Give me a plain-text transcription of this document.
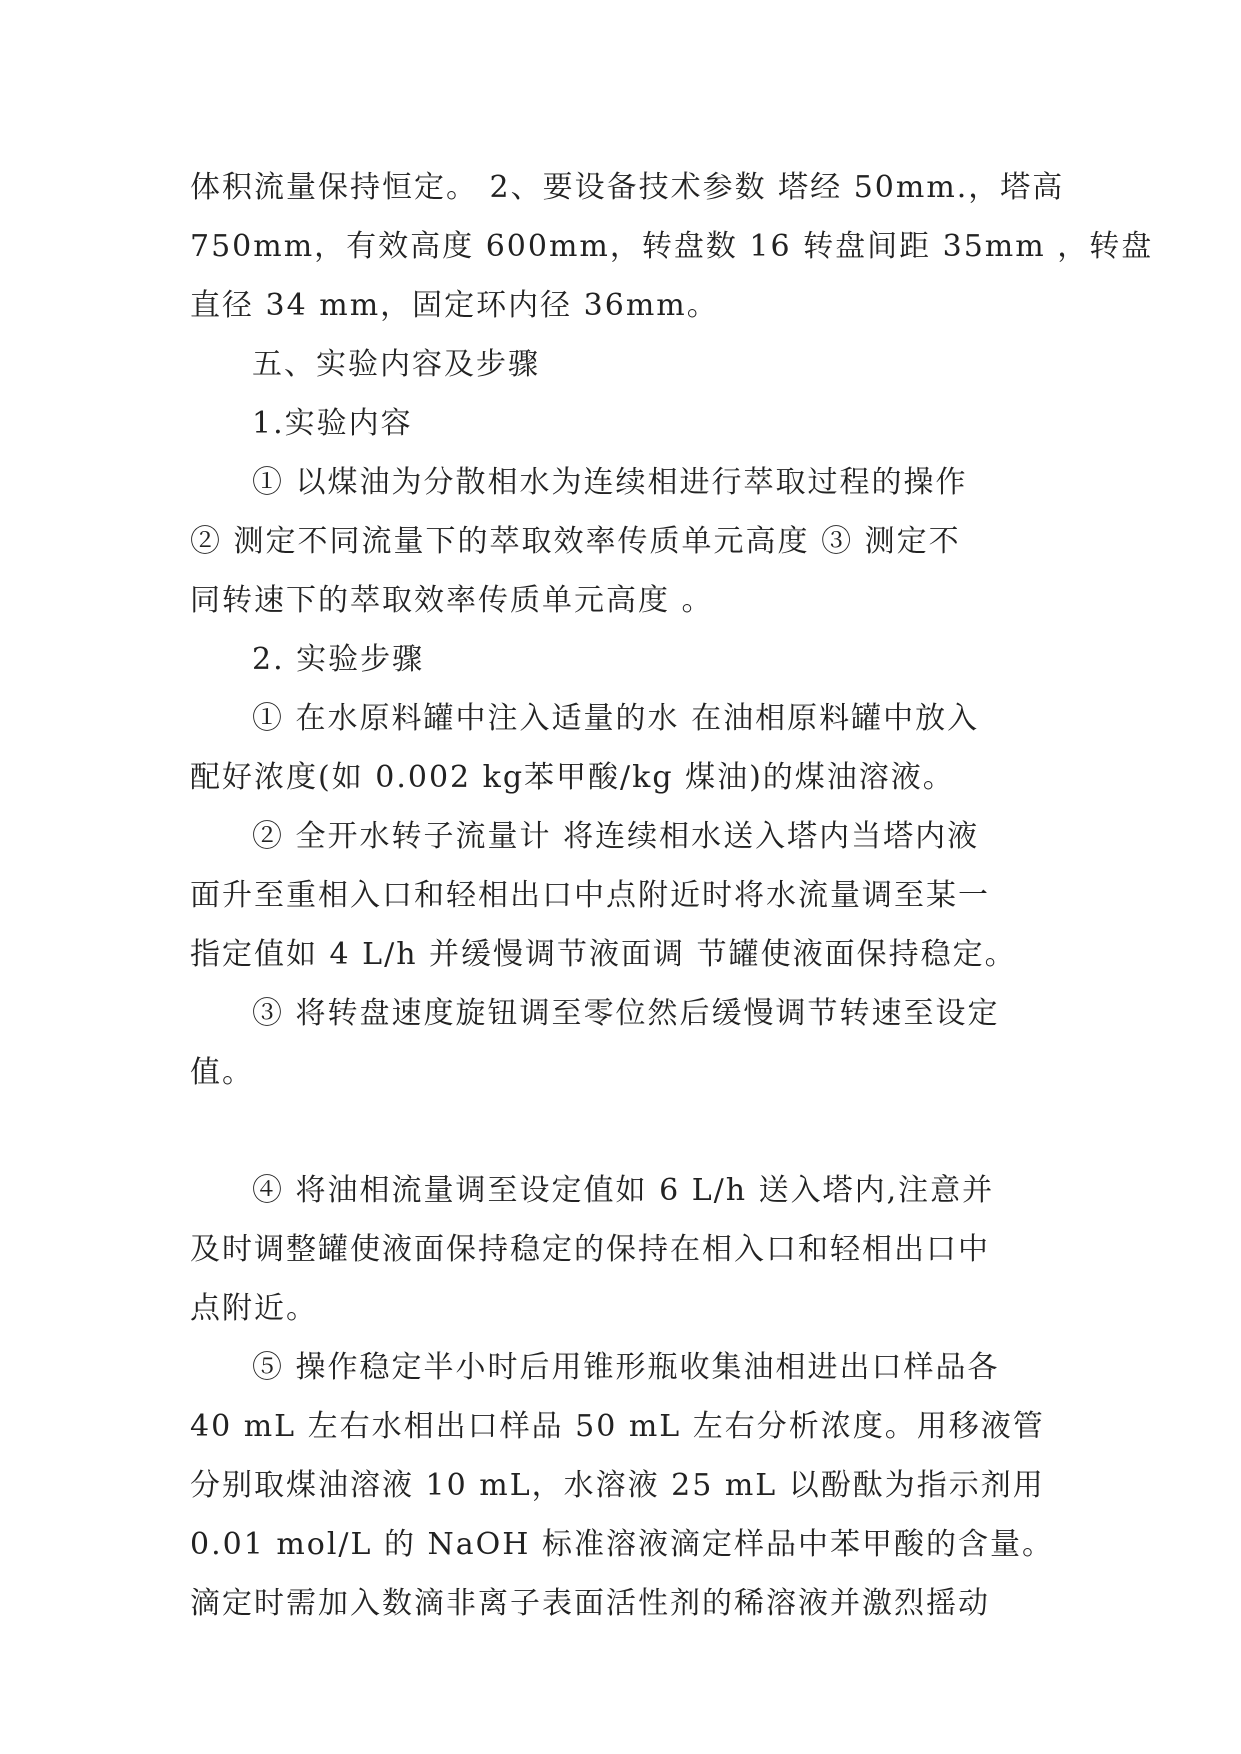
体积流量保持恒定。 2、要设备技术参数 塔经 50mm.，塔高
750mm，有效高度 600mm，转盘数 16 转盘间距 35mm ，转盘
直径 34 mm，固定环内径 36mm。
五、实验内容及步骤
1.实验内容
① 以煤油为分散相水为连续相进行萃取过程的操作
② 测定不同流量下的萃取效率传质单元高度 ③ 测定不
同转速下的萃取效率传质单元高度 。
2. 实验步骤
① 在水原料罐中注入适量的水 在油相原料罐中放入
配好浓度(如 0.002 kg苯甲酸/kg 煤油)的煤油溶液。
② 全开水转子流量计 将连续相水送入塔内当塔内液
面升至重相入口和轻相出口中点附近时将水流量调至某一
指定值如 4 L/h 并缓慢调节液面调 节罐使液面保持稳定。
③ 将转盘速度旋钮调至零位然后缓慢调节转速至设定
值。
④ 将油相流量调至设定值如 6 L/h 送入塔内,注意并
及时调整罐使液面保持稳定的保持在相入口和轻相出口中
点附近。
⑤ 操作稳定半小时后用锥形瓶收集油相进出口样品各
40 mL 左右水相出口样品 50 mL 左右分析浓度。用移液管
分别取煤油溶液 10 mL，水溶液 25 mL 以酚酞为指示剂用
0.01 mol/L 的 NaOH 标准溶液滴定样品中苯甲酸的含量。
滴定时需加入数滴非离子表面活性剂的稀溶液并激烈摇动
